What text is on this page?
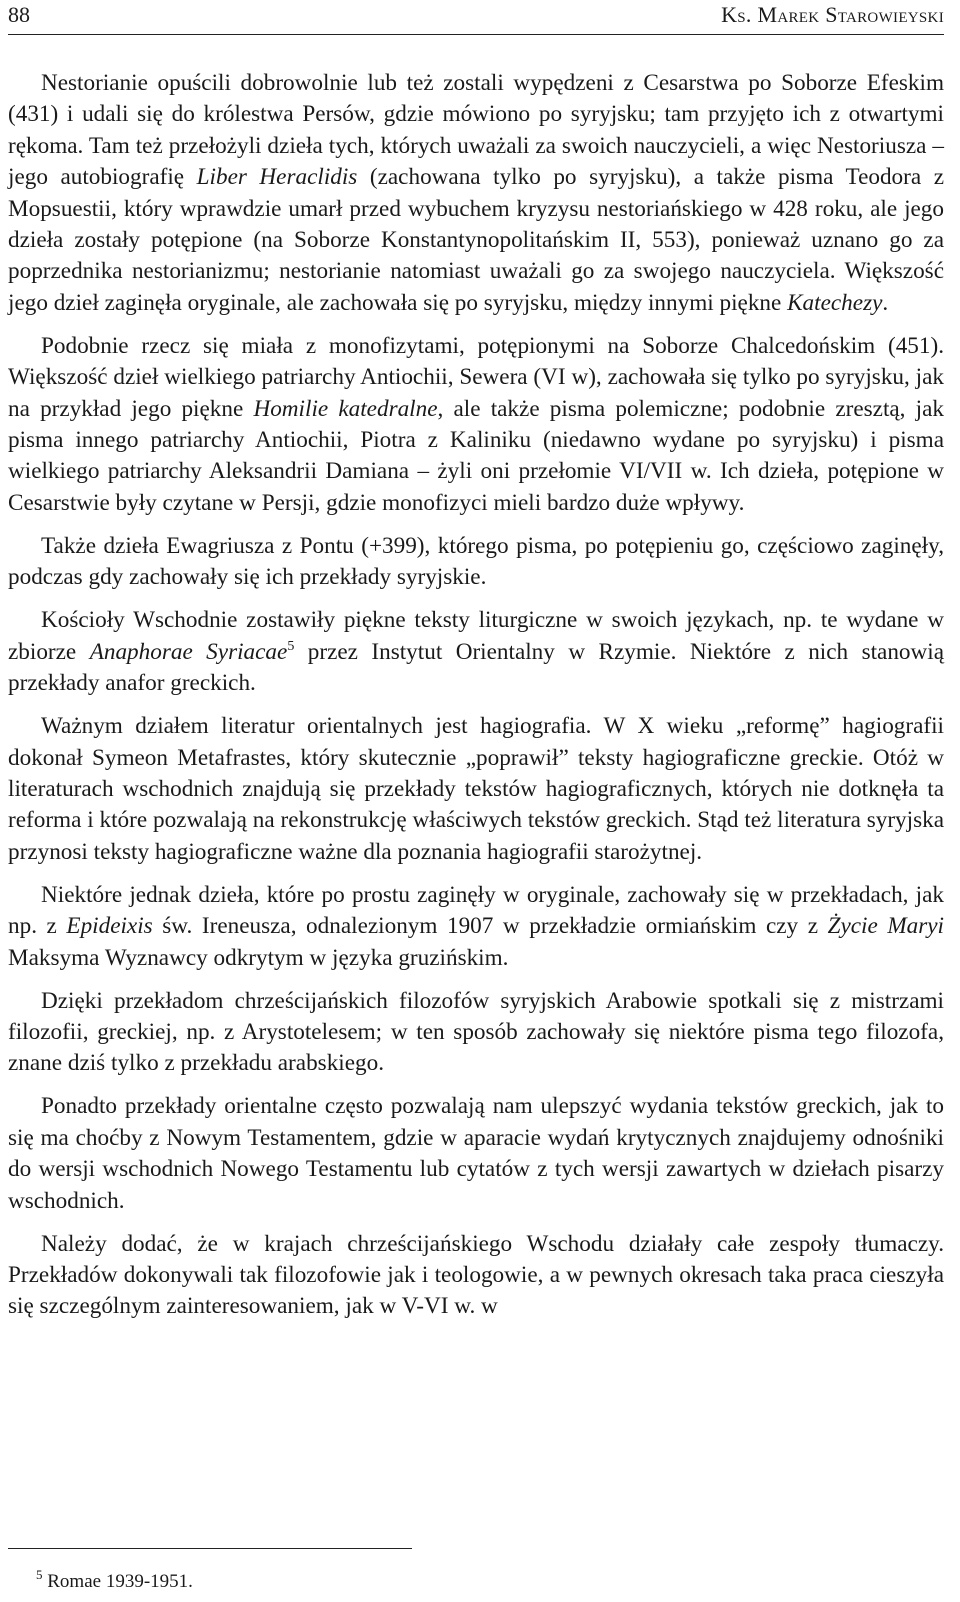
88	Ks. Marek Starowieyski

Nestorianie opuścili dobrowolnie lub też zostali wypędzeni z Cesarstwa po Soborze Efeskim (431) i udali się do królestwa Persów, gdzie mówiono po syryjsku; tam przyjęto ich z otwartymi rękoma. Tam też przełożyli dzieła tych, których uważali za swoich nauczycieli, a więc Nestoriusza – jego autobiografię Liber Heraclidis (zachowana tylko po syryjsku), a także pisma Teodora z Mopsuestii, który wprawdzie umarł przed wybuchem kryzysu nestoriańskiego w 428 roku, ale jego dzieła zostały potępione (na Soborze Konstantynopolitańskim II, 553), ponieważ uznano go za poprzednika nestorianizmu; nestorianie natomiast uważali go za swojego nauczyciela. Większość jego dzieł zaginęła oryginale, ale zachowała się po syryjsku, między innymi piękne Katechezy.

Podobnie rzecz się miała z monofizytami, potępionymi na Soborze Chalcedońskim (451). Większość dzieł wielkiego patriarchy Antiochii, Sewera (VI w), zachowała się tylko po syryjsku, jak na przykład jego piękne Homilie katedralne, ale także pisma polemiczne; podobnie zresztą, jak pisma innego patriarchy Antiochii, Piotra z Kaliniku (niedawno wydane po syryjsku) i pisma wielkiego patriarchy Aleksandrii Damiana – żyli oni przełomie VI/VII w. Ich dzieła, potępione w Cesarstwie były czytane w Persji, gdzie monofizyci mieli bardzo duże wpływy.

Także dzieła Ewagriusza z Pontu (+399), którego pisma, po potępieniu go, częściowo zaginęły, podczas gdy zachowały się ich przekłady syryjskie.

Kościoły Wschodnie zostawiły piękne teksty liturgiczne w swoich językach, np. te wydane w zbiorze Anaphorae Syriacae$^5$ przez Instytut Orientalny w Rzymie. Niektóre z nich stanowią przekłady anafor greckich.

Ważnym działem literatur orientalnych jest hagiografia. W X wieku „reformę” hagiografii dokonał Symeon Metafrastes, który skutecznie „poprawił” teksty hagiograficzne greckie. Otóż w literaturach wschodnich znajdują się przekłady tekstów hagiograficznych, których nie dotknęła ta reforma i które pozwalają na rekonstrukcję właściwych tekstów greckich. Stąd też literatura syryjska przynosi teksty hagiograficzne ważne dla poznania hagiografii starożytnej.

Niektóre jednak dzieła, które po prostu zaginęły w oryginale, zachowały się w przekładach, jak np. z Epideixis św. Ireneusza, odnalezionym 1907 w przekładzie ormiańskim czy z Życie Maryi Maksyma Wyznawcy odkrytym w języka gruzińskim.

Dzięki przekładom chrześcijańskich filozofów syryjskich Arabowie spotkali się z mistrzami filozofii, greckiej, np. z Arystotelesem; w ten sposób zachowały się niektóre pisma tego filozofa, znane dziś tylko z przekładu arabskiego.

Ponadto przekłady orientalne często pozwalają nam ulepszyć wydania tekstów greckich, jak to się ma choćby z Nowym Testamentem, gdzie w aparacie wydań krytycznych znajdujemy odnośniki do wersji wschodnich Nowego Testamentu lub cytatów z tych wersji zawartych w dziełach pisarzy wschodnich.

Należy dodać, że w krajach chrześcijańskiego Wschodu działały całe zespoły tłumaczy. Przekładów dokonywali tak filozofowie jak i teologowie, a w pewnych okresach taka praca cieszyła się szczególnym zainteresowaniem, jak w V-VI w. w

$^5$ Romae 1939-1951.
